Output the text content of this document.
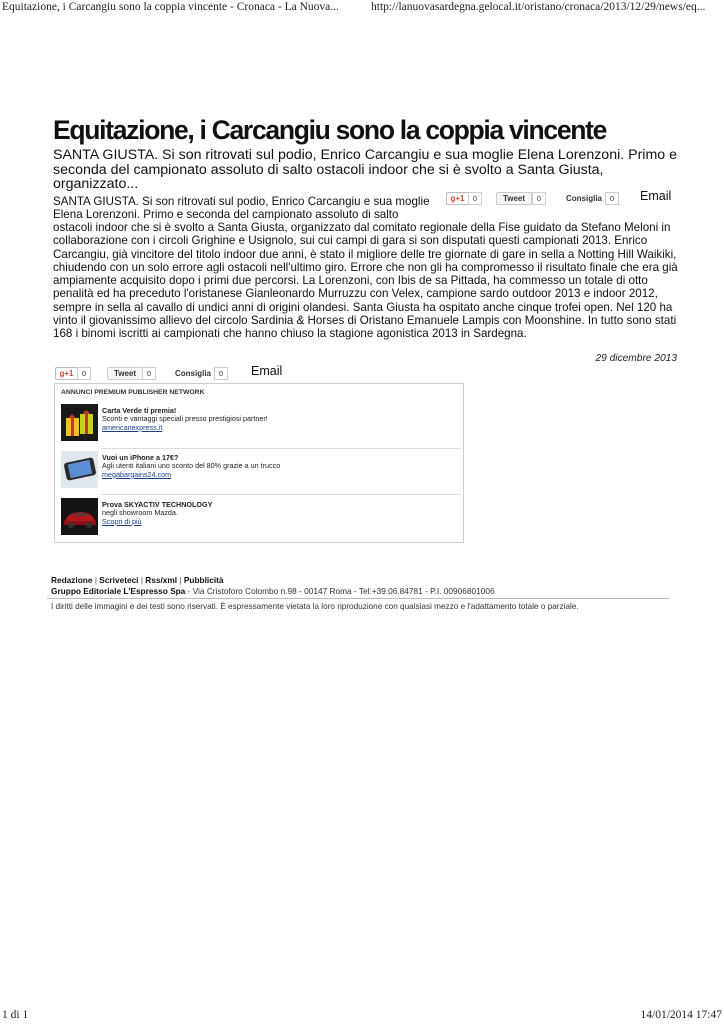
Equitazione, i Carcangiu sono la coppia vincente - Cronaca - La Nuova...	http://lanuovasardegna.gelocal.it/oristano/cronaca/2013/12/29/news/eq...
Equitazione, i Carcangiu sono la coppia vincente

SANTA GIUSTA. Si son ritrovati sul podio, Enrico Carcangiu e sua moglie Elena Lorenzoni. Primo e seconda del campionato assoluto di salto ostacoli indoor che si è svolto a Santa Giusta, organizzato...

SANTA GIUSTA. Si son ritrovati sul podio, Enrico Carcangiu e sua moglie Elena Lorenzoni. Primo e seconda del campionato assoluto di salto

g+1	0	Tweet	0	Consiglia	0	Email

ostacoli indoor che si è svolto a Santa Giusta, organizzato dal comitato regionale della Fise guidato da Stefano Meloni in collaborazione con i circoli Grighine e Usignolo, sui cui campi di gara si son disputati questi campionati 2013. Enrico Carcangiu, già vincitore del titolo indoor due anni, è stato il migliore delle tre giornate di gare in sella a Notting Hill Waikiki, chiudendo con un solo errore agli ostacoli nell'ultimo giro. Errore che non gli ha compromesso il risultato finale che era già ampiamente acquisito dopo i primi due percorsi. La Lorenzoni, con Ibis de sa Pittada, ha commesso un totale di otto penalità ed ha preceduto l'oristanese Gianleonardo Murruzzu con Velex, campione sardo outdoor 2013 e indoor 2012, sempre in sella al cavallo di undici anni di origini olandesi. Santa Giusta ha ospitato anche cinque trofei open. Nel 120 ha vinto il giovanissimo allievo del circolo Sardinia & Horses di Oristano Emanuele Lampis con Moonshine. In tutto sono stati 168 i binomi iscritti ai campionati che hanno chiuso la stagione agonistica 2013 in Sardegna.

29 dicembre 2013
g+1	0	Tweet	0	Consiglia	0	Email
ANNUNCI PREMIUM PUBLISHER NETWORK
Carta Verde ti premia!
Sconti e vantaggi speciali presso prestigiosi partner!
americanexpress.it
Vuoi un iPhone a 17€?
Agli utenti italiani uno sconto del 80% grazie a un trucco
megabargains24.com
Prova SKYACTIV TECHNOLOGY
negli showroom Mazda.
Scopri di più
Redazione | Scriveteci | Rss/xml | Pubblicità
Gruppo Editoriale L'Espresso Spa - Via Cristoforo Colombo n.98 - 00147 Roma - Tel:+39.06.84781 - P.I. 00906801006
I diritti delle immagini e dei testi sono riservati. È espressamente vietata la loro riproduzione con qualsiasi mezzo e l'adattamento totale o parziale.
1 di 1	14/01/2014 17:47
